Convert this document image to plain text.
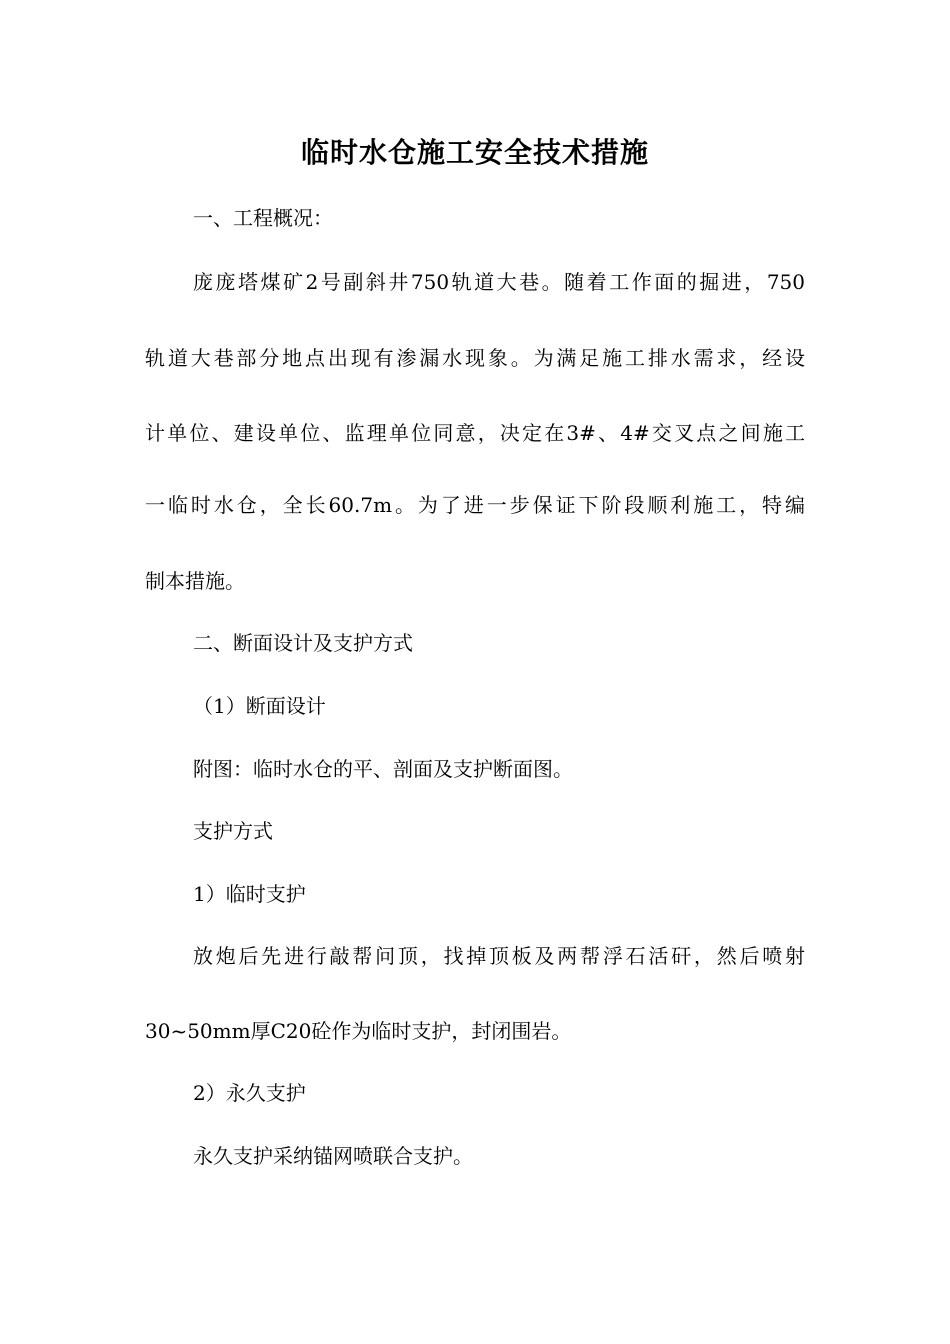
临时水仓施工安全技术措施
一、工程概况：
庞庞塔煤矿2号副斜井750轨道大巷。随着工作面的掘进，750
轨道大巷部分地点出现有渗漏水现象。为满足施工排水需求，经设
计单位、建设单位、监理单位同意，决定在3#、4#交叉点之间施工
一临时水仓，全长60.7m。为了进一步保证下阶段顺利施工，特编
制本措施。
二、断面设计及支护方式
（1）断面设计
附图：临时水仓的平、剖面及支护断面图。
支护方式
1）临时支护
放炮后先进行敲帮问顶，找掉顶板及两帮浮石活矸，然后喷射
30~50mm厚C20砼作为临时支护，封闭围岩。
2）永久支护
永久支护采纳锚网喷联合支护。
